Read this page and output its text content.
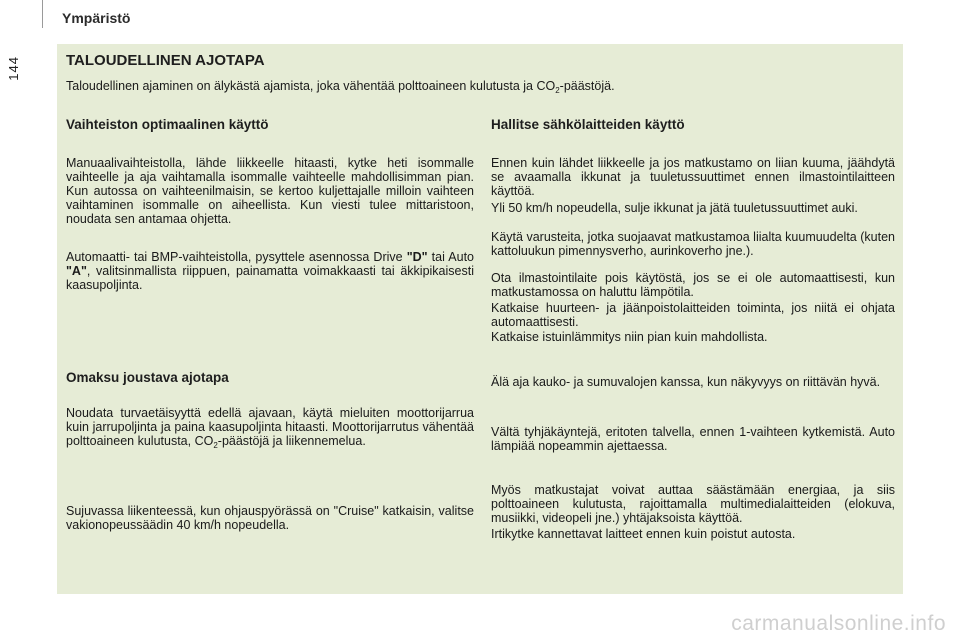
144
Ympäristö
TALOUDELLINEN AJOTAPA
Taloudellinen ajaminen on älykästä ajamista, joka vähentää polttoaineen kulutusta ja $CO_2$-päästöjä.
Vaihteiston optimaalinen käyttö

Manuaalivaihteistolla, lähde liikkeelle hitaasti, kytke heti isommalle vaihteelle ja aja vaihtamalla isommalle vaihteelle mahdollisimman pian. Kun autossa on vaihteenilmaisin, se kertoo kuljettajalle milloin vaihteen vaihtaminen isommalle on aiheellista. Kun viesti tulee mittaristoon, noudata sen antamaa ohjetta.

Automaatti- tai BMP-vaihteistolla, pysyttele asennossa Drive "D" tai Auto "A", valitsinmallista riippuen, painamatta voimakkaasti tai äkkipikaisesti kaasupoljinta.

Omaksu joustava ajotapa

Noudata turvaetäisyyttä edellä ajavaan, käytä mieluiten moottorijarrua kuin jarrupoljinta ja paina kaasupoljinta hitaasti. Moottorijarrutus vähentää polttoaineen kulutusta, $CO_2$-päästöjä ja liikennemelua.

Sujuvassa liikenteessä, kun ohjauspyörässä on "Cruise" katkaisin, valitse vakionopeussäädin 40 km/h nopeudella.

Hallitse sähkölaitteiden käyttö

Ennen kuin lähdet liikkeelle ja jos matkustamo on liian kuuma, jäähdytä se avaamalla ikkunat ja tuuletussuuttimet ennen ilmastointilaitteen käyttöä.

Yli 50 km/h nopeudella, sulje ikkunat ja jätä tuuletussuuttimet auki.

Käytä varusteita, jotka suojaavat matkustamoa liialta kuumuudelta (kuten kattoluukun pimennysverho, aurinkoverho jne.).

Ota ilmastointilaite pois käytöstä, jos se ei ole automaattisesti, kun matkustamossa on haluttu lämpötila.

Katkaise huurteen- ja jäänpoistolaitteiden toiminta, jos niitä ei ohjata automaattisesti.

Katkaise istuinlämmitys niin pian kuin mahdollista.

Älä aja kauko- ja sumuvalojen kanssa, kun näkyvyys on riittävän hyvä.

Vältä tyhjäkäyntejä, eritoten talvella, ennen 1-vaihteen kytkemistä. Auto lämpiää nopeammin ajettaessa.

Myös matkustajat voivat auttaa säästämään energiaa, ja siis polttoaineen kulutusta, rajoittamalla multimedialaitteiden (elokuva, musiikki, videopeli jne.) yhtäjaksoista käyttöä.

Irtikytke kannettavat laitteet ennen kuin poistut autosta.

carmanualsonline.info
